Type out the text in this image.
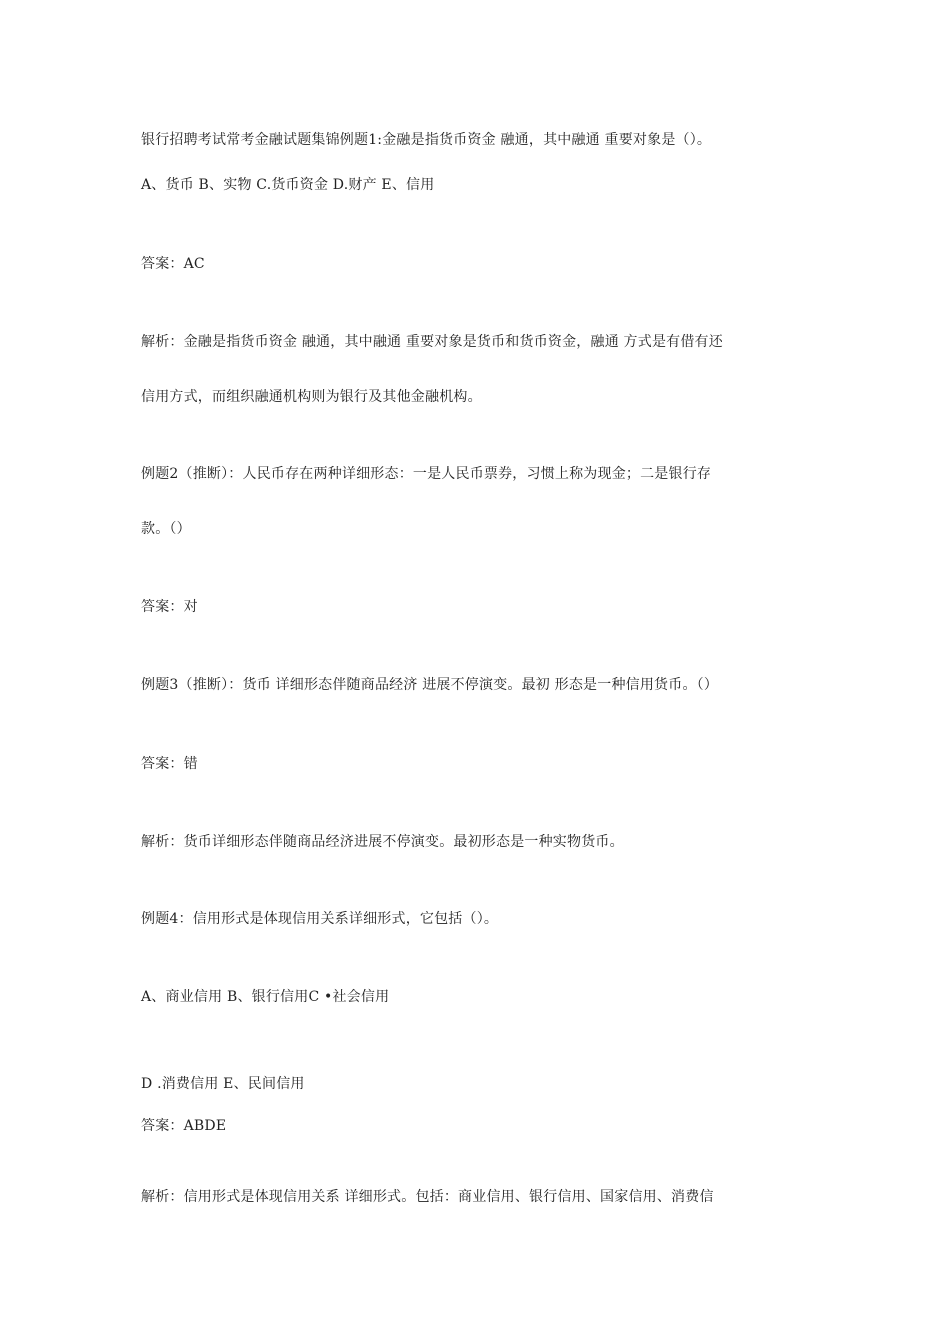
银行招聘考试常考金融试题集锦例题1:金融是指货币资金 融通，其中融通 重要对象是（）。

A、货币 B、实物 C.货币资金 D.财产 E、信用

答案：AC

解析：金融是指货币资金 融通，其中融通 重要对象是货币和货币资金，融通 方式是有借有还

信用方式，而组织融通机构则为银行及其他金融机构。

例题2（推断）：人民币存在两种详细形态：一是人民币票券，习惯上称为现金；二是银行存

款。（）

答案：对

例题3（推断）：货币 详细形态伴随商品经济 进展不停演变。最初 形态是一种信用货币。（）

答案：错

解析：货币详细形态伴随商品经济进展不停演变。最初形态是一种实物货币。

例题4：信用形式是体现信用关系详细形式，它包括（）。

A、商业信用 B、银行信用C •社会信用

D .消费信用 E、民间信用

答案：ABDE

解析：信用形式是体现信用关系 详细形式。包括：商业信用、银行信用、国家信用、消费信
